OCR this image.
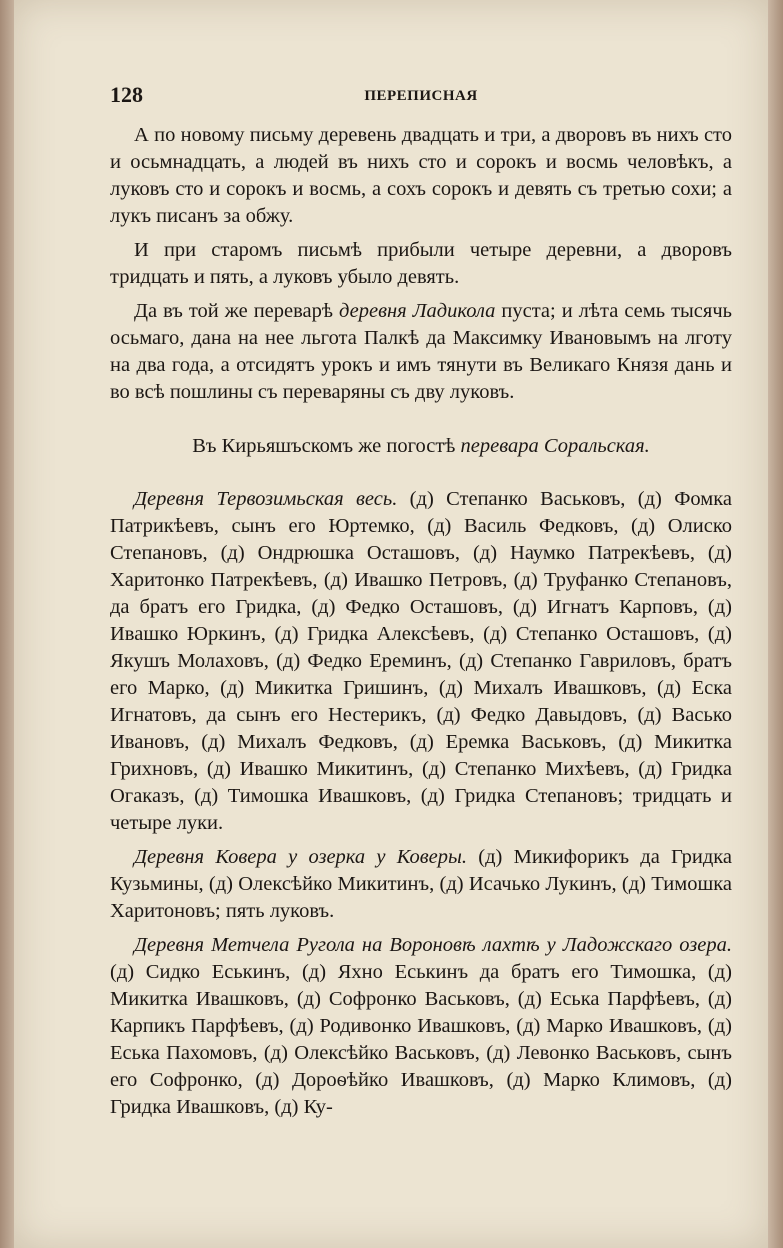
128	ПЕРЕПИСНАЯ

А по новому письму деревень двадцать и три, а дворовъ въ нихъ сто и осьмнадцать, а людей въ нихъ сто и сорокъ и восмь человѣкъ, а луковъ сто и сорокъ и восмь, а сохъ сорокъ и девять съ третью сохи; а лукъ писанъ за обжу.

И при старомъ письмѣ прибыли четыре деревни, а дворовъ тридцать и пять, а луковъ убыло девять.

Да въ той же переварѣ деревня Ладикола пуста; и лѣта семь тысячь осьмаго, дана на нее льгота Палкѣ да Максимку Ивановымъ на лготу на два года, а отсидятъ урокъ и имъ тянути въ Великаго Князя дань и во всѣ пошлины съ переваряны съ дву луковъ.

Въ Кирьяшъскомъ же погостѣ перевара Соральская.

Деревня Тервозимьская весь. (д) Степанко Васьковъ, (д) Фомка Патрикѣевъ, сынъ его Юртемко, (д) Василь Федковъ, (д) Олиско Степановъ, (д) Ондрюшка Осташовъ, (д) Наумко Патрекѣевъ, (д) Харитонко Патрекѣевъ, (д) Ивашко Петровъ, (д) Труфанко Степановъ, да братъ его Гридка, (д) Федко Осташовъ, (д) Игнатъ Карповъ, (д) Ивашко Юркинъ, (д) Гридка Алексѣевъ, (д) Степанко Осташовъ, (д) Якушъ Молаховъ, (д) Федко Ереминъ, (д) Степанко Гавриловъ, братъ его Марко, (д) Микитка Гришинъ, (д) Михалъ Ивашковъ, (д) Еска Игнатовъ, да сынъ его Нестерикъ, (д) Федко Давыдовъ, (д) Васько Ивановъ, (д) Михалъ Федковъ, (д) Еремка Васьковъ, (д) Микитка Грихновъ, (д) Ивашко Микитинъ, (д) Степанко Михѣевъ, (д) Гридка Огаказъ, (д) Тимошка Ивашковъ, (д) Гридка Степановъ; тридцать и четыре луки.

Деревня Ковера у озерка у Коверы. (д) Микифорикъ да Гридка Кузьмины, (д) Олексѣйко Микитинъ, (д) Исачько Лукинъ, (д) Тимошка Харитоновъ; пять луковъ.

Деревня Метчела Руголa на Вороновѣ лахтѣ у Ладожскаго озера. (д) Сидко Еськинъ, (д) Яхно Еськинъ да братъ его Тимошка, (д) Микитка Ивашковъ, (д) Софронко Васьковъ, (д) Еська Парфѣевъ, (д) Карпикъ Парфѣевъ, (д) Родивонко Ивашковъ, (д) Марко Ивашковъ, (д) Еська Пахомовъ, (д) Олексѣйко Васьковъ, (д) Левонко Васьковъ, сынъ его Софронко, (д) Дороѳѣйко Ивашковъ, (д) Марко Климовъ, (д) Гридка Ивашковъ, (д) Ку-
